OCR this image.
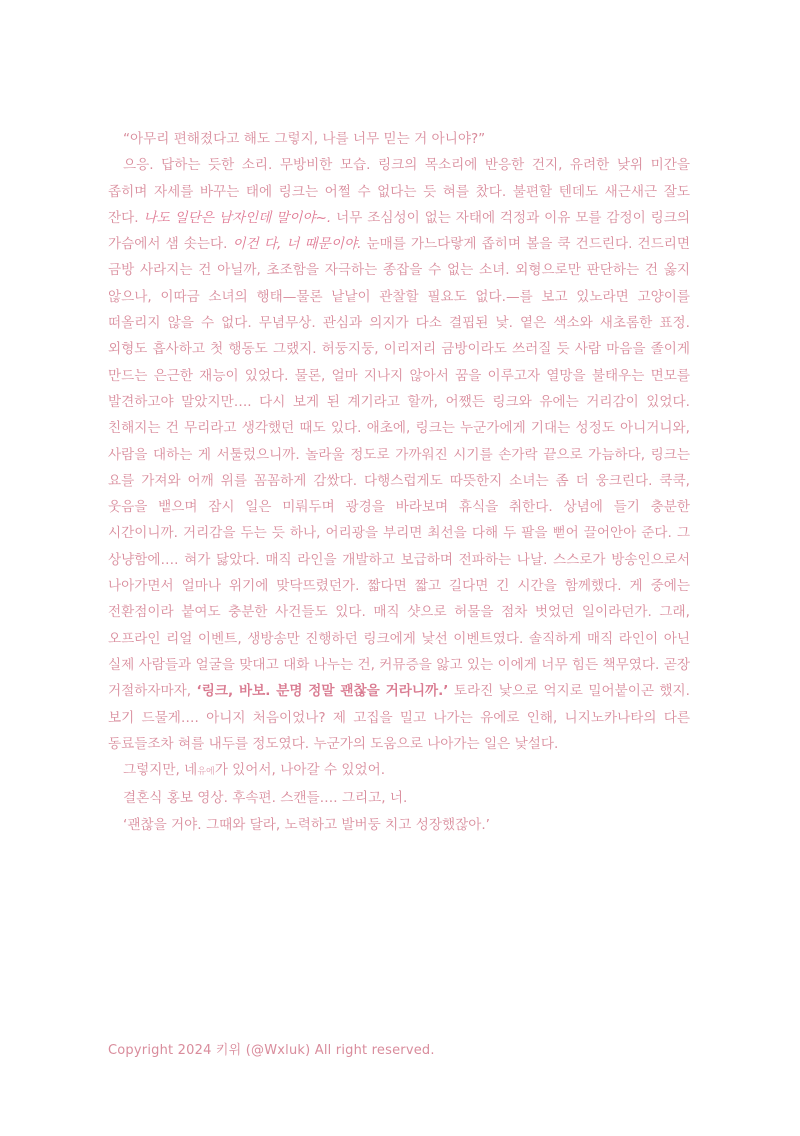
“아무리 편해졌다고 해도 그렇지, 나를 너무 믿는 거 아니야?”

으응. 답하는 듯한 소리. 무방비한 모습. 링크의 목소리에 반응한 건지, 유려한 낮위 미간을 좁히며 자세를 바꾸는 태에 링크는 어쩔 수 없다는 듯 혀를 찼다. 불편할 텐데도 새근새근 잘도 잔다. 나도 일단은 남자인데 말이야~. 너무 조심성이 없는 자태에 걱정과 이유 모를 감정이 링크의 가슴에서 샘 솟는다. 이건 다, 너 때문이야. 눈매를 가느다랗게 좁히며 볼을 쿡 건드린다. 건드리면 금방 사라지는 건 아닐까, 초조함을 자극하는 종잡을 수 없는 소녀. 외형으로만 판단하는 건 옳지 않으나, 이따금 소녀의 행태—물론 낱낱이 관찰할 필요도 없다.—를 보고 있노라면 고양이를 떠올리지 않을 수 없다. 무념무상. 관심과 의지가 다소 결핍된 낯. 옅은 색소와 새초롬한 표정. 외형도 흡사하고 첫 행동도 그랬지. 허둥지둥, 이리저리 금방이라도 쓰러질 듯 사람 마음을 졸이게 만드는 은근한 재능이 있었다. 물론, 얼마 지나지 않아서 꿈을 이루고자 열망을 불태우는 면모를 발견하고야 말았지만…. 다시 보게 된 계기라고 할까, 어쨌든 링크와 유에는 거리감이 있었다. 친해지는 건 무리라고 생각했던 때도 있다. 애초에, 링크는 누군가에게 기대는 성정도 아니거니와, 사람을 대하는 게 서툴렀으니까. 놀라울 정도로 가까워진 시기를 손가락 끝으로 가늠하다, 링크는 요를 가져와 어깨 위를 꼼꼼하게 감쌌다. 다행스럽게도 따뜻한지 소녀는 좀 더 웅크린다. 쿡쿡, 웃음을 뱉으며 잠시 일은 미뤄두며 광경을 바라보며 휴식을 취한다. 상념에 들기 충분한 시간이니까. 거리감을 두는 듯 하나, 어리광을 부리면 최선을 다해 두 팔을 뻗어 끌어안아 준다. 그 상냥함에…. 혀가 닳았다. 매직 라인을 개발하고 보급하며 전파하는 나날. 스스로가 방송인으로서 나아가면서 얼마나 위기에 맞닥뜨렸던가. 짧다면 짧고 길다면 긴 시간을 함께했다. 게 중에는 전환점이라 붙여도 충분한 사건들도 있다. 매직 샷으로 허물을 점차 벗었던 일이라던가. 그래, 오프라인 리얼 이벤트, 생방송만 진행하던 링크에게 낯선 이벤트였다. 솔직하게 매직 라인이 아닌 실제 사람들과 얼굴을 맞대고 대화 나누는 건, 커뮤증을 앓고 있는 이에게 너무 힘든 책무였다. 곧장 거절하자마자, ‘링크, 바보. 분명 정말 괜찮을 거라니까.’ 토라진 낯으로 억지로 밀어붙이곤 했지. 보기 드물게…. 아니지 처음이었나? 제 고집을 밀고 나가는 유에로 인해, 니지노카나타의 다른 동료들조차 혀를 내두를 정도였다. 누군가의 도움으로 나아가는 일은 낯설다.

그렇지만, 네유에가 있어서, 나아갈 수 있었어.

결혼식 홍보 영상. 후속편. 스캔들…. 그리고, 너.

‘괜찮을 거야. 그때와 달라, 노력하고 발버둥 치고 성장했잖아.’

Copyright 2024 키위 (@Wxluk) All right reserved.
